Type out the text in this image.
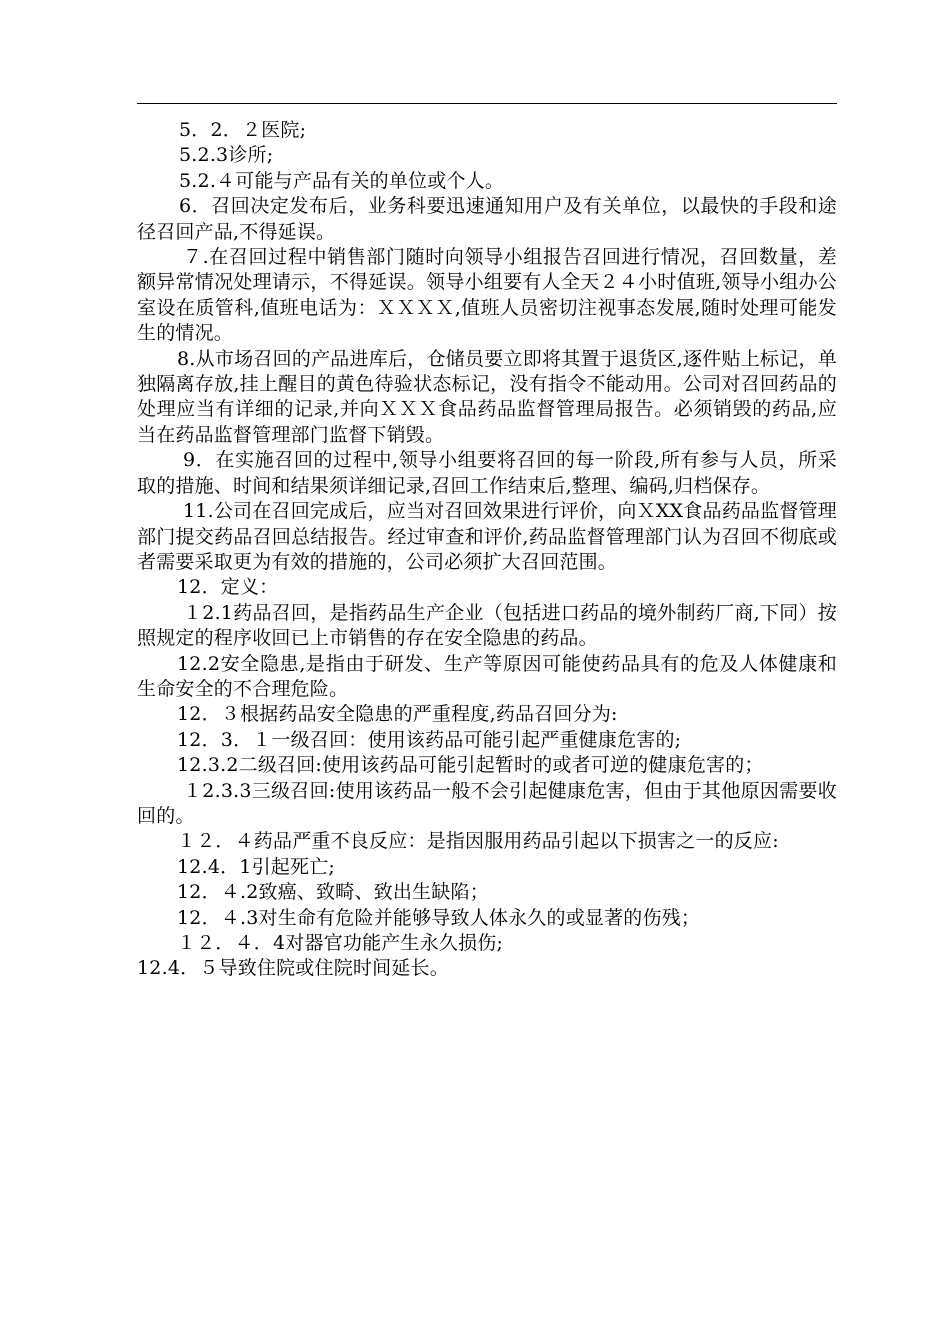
5．2．２医院;

5.2.3诊所;

5.2.４可能与产品有关的单位或个人。

6．召回决定发布后，业务科要迅速通知用户及有关单位，以最快的手段和途径召回产品,不得延误。

７.在召回过程中销售部门随时向领导小组报告召回进行情况，召回数量，差额异常情况处理请示，不得延误。领导小组要有人全天２４小时值班,领导小组办公室设在质管科,值班电话为：ＸＸＸＸ,值班人员密切注视事态发展,随时处理可能发生的情况。

8.从市场召回的产品进库后，仓储员要立即将其置于退货区,逐件贴上标记，单独隔离存放,挂上醒目的黄色待验状态标记，没有指令不能动用。公司对召回药品的处理应当有详细的记录,并向ＸＸＸ食品药品监督管理局报告。必须销毁的药品,应当在药品监督管理部门监督下销毁。

9．在实施召回的过程中,领导小组要将召回的每一阶段,所有参与人员，所采取的措施、时间和结果须详细记录,召回工作结束后,整理、编码,归档保存。

11.公司在召回完成后，应当对召回效果进行评价，向ＸXX食品药品监督管理部门提交药品召回总结报告。经过审查和评价,药品监督管理部门认为召回不彻底或者需要采取更为有效的措施的，公司必须扩大召回范围。

12．定义：

１2.1药品召回，是指药品生产企业（包括进口药品的境外制药厂商,下同）按照规定的程序收回已上市销售的存在安全隐患的药品。

12.2安全隐患,是指由于研发、生产等原因可能使药品具有的危及人体健康和生命安全的不合理危险。

12．３根据药品安全隐患的严重程度,药品召回分为:

12．3．１一级召回：使用该药品可能引起严重健康危害的;

12.3.2二级召回:使用该药品可能引起暂时的或者可逆的健康危害的；

１2.3.3三级召回:使用该药品一般不会引起健康危害，但由于其他原因需要收回的。

１２．４药品严重不良反应：是指因服用药品引起以下损害之一的反应:

12.4．1引起死亡;

12．４.2致癌、致畸、致出生缺陷；

12．４.3对生命有危险并能够导致人体永久的或显著的伤残；

１２．４．4对器官功能产生永久损伤;

12.4．５导致住院或住院时间延长。
